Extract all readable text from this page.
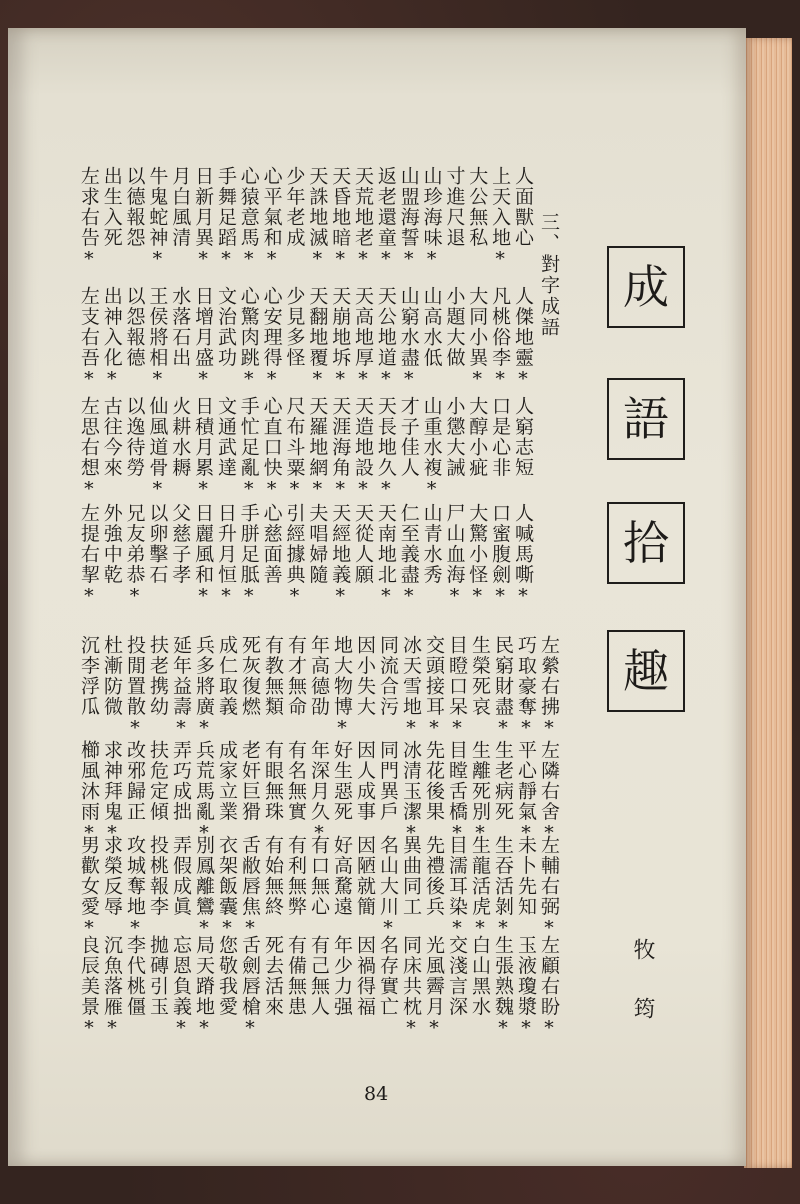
成
語
拾
趣
牧 筠
三、對字成語
人面獸心
人傑地靈*
人窮志短
人喊馬嘶*
上天入地*
凡桃俗李*
口是心非
口蜜腹劍*
大公無私
大同小異*
大醇小疵
大驚小怪*
寸進尺退
小題大做
小懲大誡
尸山血海*
山珍海味*
山高水低
山重水複*
山青水秀
山盟海誓*
山窮水盡*
才子佳人
仁至義盡*
返老還童*
天公地道*
天長地久*
天南地北*
天荒地老*
天高地厚*
天造地設*
天從人願
天昏地暗*
天崩地坼*
天涯海角*
天經地義*
天誅地滅*
天翻地覆*
天羅地網*
夫唱婦隨
少年老成
少見多怪
尺布斗粟*
引經據典*
心平氣和*
心安理得*
心直口快*
心慈面善
心猿意馬*
心驚肉跳*
手忙足亂*
手胼足胝*
手舞足蹈*
文治武功
文通武達
日升月恒*
日新月異*
日增月盛*
日積月累*
日麗風和*
月白風清
水落石出
火耕水耨
父慈子孝
牛鬼蛇神*
王侯將相*
仙風道骨*
以卵擊石
以德報怨
以怨報德
以逸待勞
兄友弟恭*
出生入死
出神入化*
古往今來
外強中乾
左求右告*
左支右吾*
左思右想*
左提右挈*
左縈右拂*
左隣右舍*
左輔右弼*
左顧右盼*
巧取豪奪*
平心靜氣*
未卜先知
玉液瓊漿*
民窮財盡*
生老病死
生吞活剝*
生張熟魏*
生榮死哀
生離死別*
生龍活虎*
白山黑水
目瞪口呆*
目瞠舌橋*
目濡耳染*
交淺言深
交頭接耳*
先花後果
先禮後兵
光風霽月*
冰天雪地*
冰清玉潔*
異曲同工
同床共枕*
同流合污
同門異戶
名山大川*
名存實亡
因小失大
因人成事
因陋就簡
因禍得福
地大物博*
好生惡死
好高騖遠
年少力强
年高德劭
年深月久*
有口無心
有己無人
有才無命
有名無實
有利無弊
有備無患
有教無類
有眼無珠
有始無終
死去活來
死灰復燃
老奸巨猾
舌敝唇焦*
舌劍唇槍*
成仁取義
成家立業
衣架飯囊*
您敬我愛
兵多將廣*
兵荒馬亂*
別鳳離鸞*
局天蹐地*
延年益壽*
弄巧成拙
弄假成眞
忘恩負義*
扶老携幼
扶危定傾
投桃報李
拋磚引玉
投閒置散*
改邪歸正
攻城奪地*
李代桃僵
杜漸防微
求神拜鬼*
求榮反辱
沉魚落雁*
沉李浮瓜
櫛風沐雨*
男歡女愛*
良辰美景*
84
